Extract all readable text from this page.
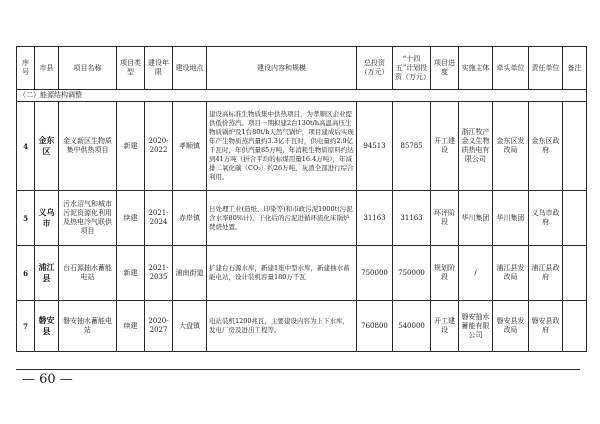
序号	市县	项目名称	项目类型	建设年限	建设地点	建设内容和规模	总投资（万元）	“十四五”计划投资（万元）	项目进度	实施主体	牵头单位	责任单位	备注
（二）能源结构调整													
4	金东区	金义新区生物质集中供热项目	新建	2020-2022	孝顺镇	建设高标准生物质集中供热项目，为孝顺区企业提供低价蒸汽。项目一期拟建2台130t/h高温高压生物质锅炉及1台80t/h天然气锅炉，项目建成后实现年产生物质蒸汽量约3.3亿千瓦时，供电量约2.9亿千瓦时，年供汽量85万吨，年消耗生物质原料约达到41万吨（折合平均的标煤用量16.4万吨），年减排二氧化碳（CO₂）约26万吨，灰渣全部进行综合利用。	94513	85785	开工建设	浙江牧产金义生物质热电有限公司	金东区发改局	金东区政府	
5	义乌市	污水沼气和城市污泥资源化利用及热电冷气联供项目	续建	2021-2024	赤岸镇	日处理工业(造纸、印染等)和市政污泥1000t(污泥含水率80%计)，干化后的污泥进循环流化床锅炉焚烧处置。	31163	31163	环评阶段	华川集团	华川集团	义乌市政府	
6	浦江县	台石源抽水蓄能电站	新建	2021-2035	浦南街道	扩建台石源水库，新建1座中型水库，新建抽水蓄能电站，设计装机容量180万千瓦	750000	750000	规划阶段	/	浦江县发改局	浦江县政府	
7	磐安县	磐安抽水蓄能电站	续建	2020-2027	大盘镇	电站装机1200兆瓦，主要建设内容为上下水库，发电厂房及进出工程等。	760800	540000	开工建设	磐安抽水蓄能有限公司	磐安县发改局	磐安县政府	
— 60 —
